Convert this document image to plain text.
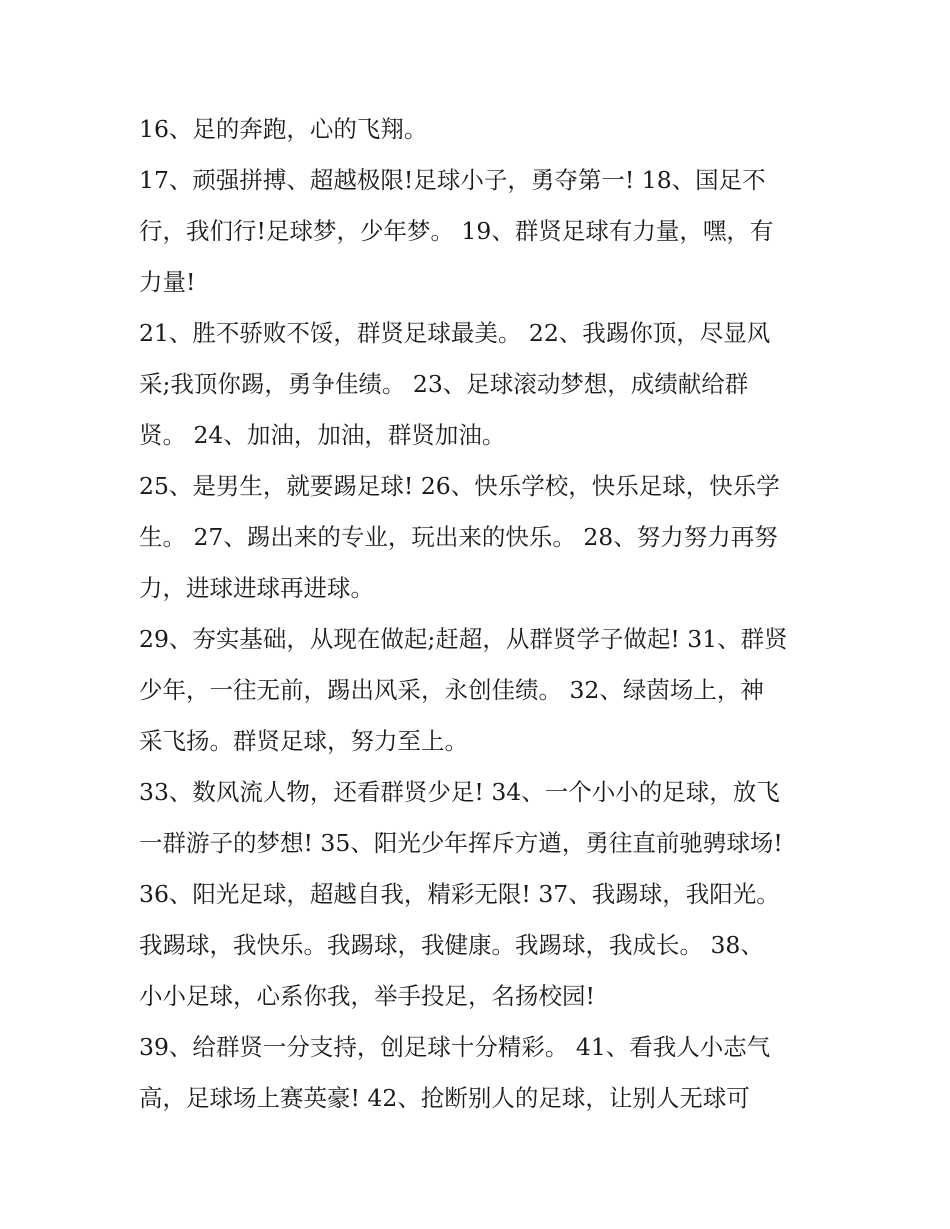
16、足的奔跑，心的飞翔。
17、顽强拼搏、超越极限!足球小子，勇夺第一! 18、国足不
行，我们行!足球梦，少年梦。 19、群贤足球有力量，嘿，有
力量!
21、胜不骄败不馁，群贤足球最美。 22、我踢你顶，尽显风
采;我顶你踢，勇争佳绩。 23、足球滚动梦想，成绩献给群
贤。 24、加油，加油，群贤加油。
25、是男生，就要踢足球! 26、快乐学校，快乐足球，快乐学
生。 27、踢出来的专业，玩出来的快乐。 28、努力努力再努
力，进球进球再进球。
29、夯实基础，从现在做起;赶超，从群贤学子做起! 31、群贤
少年，一往无前，踢出风采，永创佳绩。 32、绿茵场上，神
采飞扬。群贤足球，努力至上。
33、数风流人物，还看群贤少足! 34、一个小小的足球，放飞
一群游子的梦想! 35、阳光少年挥斥方遒，勇往直前驰骋球场!
36、阳光足球，超越自我，精彩无限! 37、我踢球，我阳光。
我踢球，我快乐。我踢球，我健康。我踢球，我成长。 38、
小小足球，心系你我，举手投足，名扬校园!
39、给群贤一分支持，创足球十分精彩。 41、看我人小志气
高，足球场上赛英豪! 42、抢断别人的足球，让别人无球可
